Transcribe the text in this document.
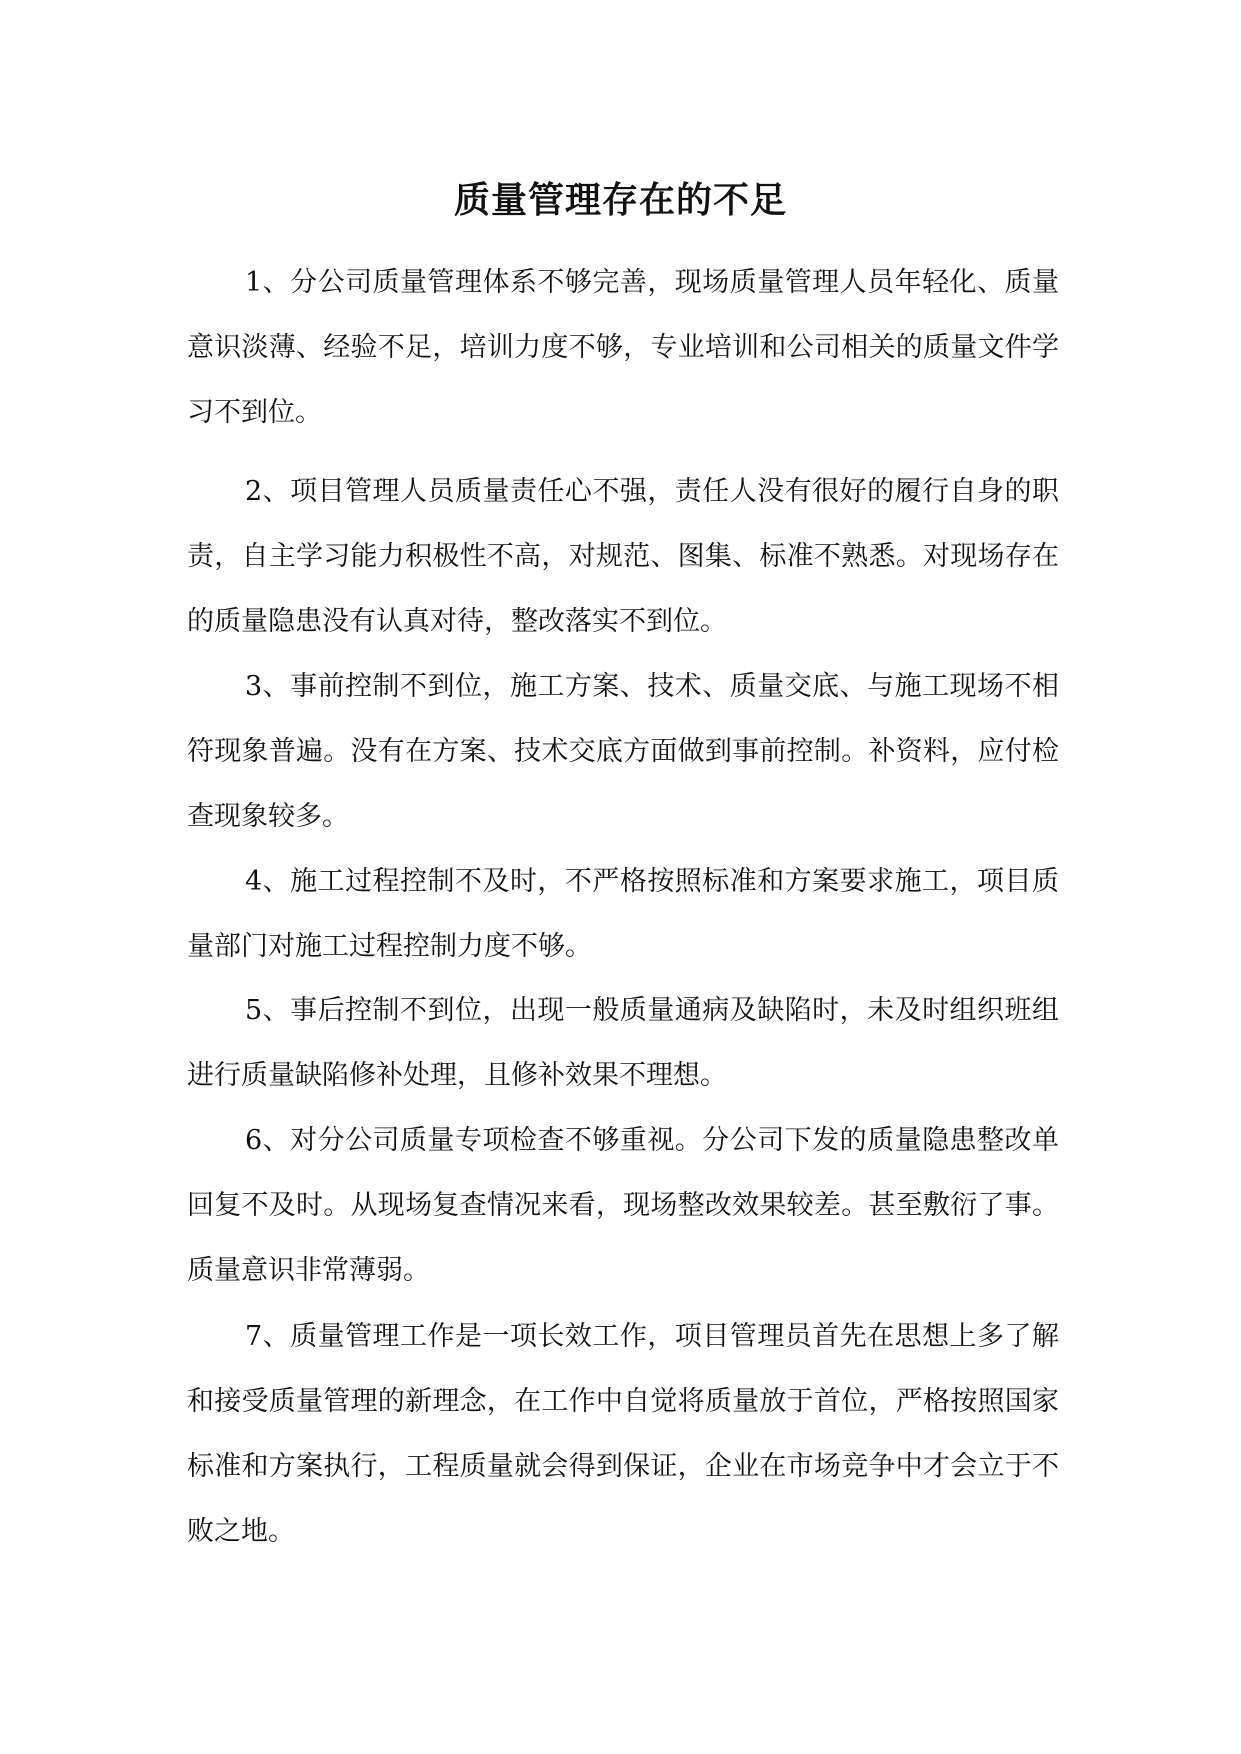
质量管理存在的不足

1、分公司质量管理体系不够完善，现场质量管理人员年轻化、质量意识淡薄、经验不足，培训力度不够，专业培训和公司相关的质量文件学习不到位。

2、项目管理人员质量责任心不强，责任人没有很好的履行自身的职责，自主学习能力积极性不高，对规范、图集、标准不熟悉。对现场存在的质量隐患没有认真对待，整改落实不到位。

3、事前控制不到位，施工方案、技术、质量交底、与施工现场不相符现象普遍。没有在方案、技术交底方面做到事前控制。补资料，应付检查现象较多。

4、施工过程控制不及时，不严格按照标准和方案要求施工，项目质量部门对施工过程控制力度不够。

5、事后控制不到位，出现一般质量通病及缺陷时，未及时组织班组进行质量缺陷修补处理，且修补效果不理想。

6、对分公司质量专项检查不够重视。分公司下发的质量隐患整改单回复不及时。从现场复查情况来看，现场整改效果较差。甚至敷衍了事。质量意识非常薄弱。

7、质量管理工作是一项长效工作，项目管理员首先在思想上多了解和接受质量管理的新理念，在工作中自觉将质量放于首位，严格按照国家标准和方案执行，工程质量就会得到保证，企业在市场竞争中才会立于不败之地。
